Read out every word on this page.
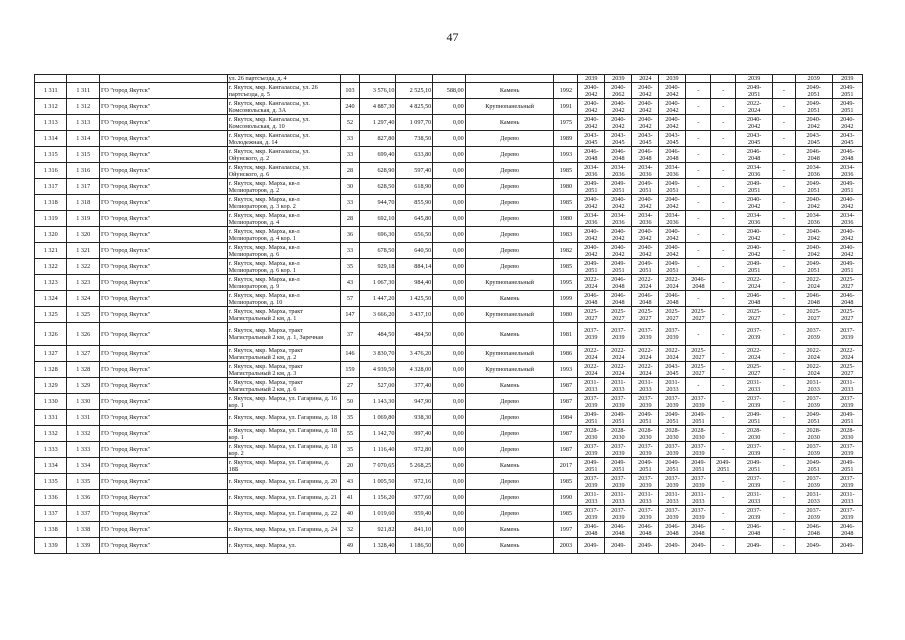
47
			ул. 26 партсъезда, д. 4							2039	2039	2024	2039			2039		2039	2039
1 311	1 311	ГО "город Якутск"	г. Якутск, мкр. Кангалассы, ул. 26 партсъезда, д. 5	103	3 576,10	2 525,10	588,00	Камень	1992	2040-
2042	2040-
2062	2040-
2042	2040-
2042	-	-	2049-
2051	-	2049-
2051	2049-
2051

1 312	1 312	ГО "город Якутск"	г. Якутск, мкр. Кангалассы, ул. Комсомольская, д. 3А	240	4 887,30	4 825,50	0,00	Крупнопанельный	1991	2040-
2042	2040-
2042	2040-
2042	2040-
2042	-	-	2022-
2024	-	2049-
2051	2049-
2051

1 313	1 313	ГО "город Якутск"	г. Якутск, мкр. Кангалассы, ул. Комсомольская, д. 10	52	1 297,40	1 097,70	0,00	Камень	1975	2040-
2042	2040-
2042	2040-
2042	2040-
2042	-	-	2040-
2042	-	2040-
2042	2040-
2042

1 314	1 314	ГО "город Якутск"	г. Якутск, мкр. Кангалассы, ул. Молодежная, д. 14	33	827,80	738,50	0,00	Дерево	1989	2043-
2045	2043-
2045	2043-
2045	2043-
2045	-	-	2043-
2045	-	2043-
2045	2043-
2045

1 315	1 315	ГО "город Якутск"	г. Якутск, мкр. Кангалассы, ул. Ойунского, д. 2	33	699,40	633,80	0,00	Дерево	1993	2046-
2048	2046-
2048	2046-
2048	2046-
2048	-	-	2046-
2048	-	2046-
2048	2046-
2048

1 316	1 316	ГО "город Якутск"	г. Якутск, мкр. Кангалассы, ул. Ойунского, д. 6	28	628,90	597,40	0,00	Дерево	1985	2034-
2036	2034-
2036	2034-
2036	2034-
2036	-	-	2034-
2036	-	2034-
2036	2034-
2036

1 317	1 317	ГО "город Якутск"	г. Якутск, мкр. Марха, кв-л Мелиораторов, д. 2	30	628,50	618,90	0,00	Дерево	1980	2049-
2051	2049-
2051	2049-
2051	2049-
2051	-	-	2049-
2051	-	2049-
2051	2049-
2051

1 318	1 318	ГО "город Якутск"	г. Якутск, мкр. Марха, кв-л Мелиораторов, д. 3 кор. 2	33	944,70	855,90	0,00	Дерево	1985	2040-
2042	2040-
2042	2040-
2042	2040-
2042	-	-	2040-
2042	-	2040-
2042	2040-
2042

1 319	1 319	ГО "город Якутск"	г. Якутск, мкр. Марха, кв-л Мелиораторов, д. 4	28	692,10	645,80	0,00	Дерево	1980	2034-
2036	2034-
2036	2034-
2036	2034-
2036	-	-	2034-
2036	-	2034-
2036	2034-
2036

1 320	1 320	ГО "город Якутск"	г. Якутск, мкр. Марха, кв-л Мелиораторов, д. 4 кор. 1	36	696,30	656,50	0,00	Дерево	1983	2040-
2042	2040-
2042	2040-
2042	2040-
2042	-	-	2040-
2042	-	2040-
2042	2040-
2042

1 321	1 321	ГО "город Якутск"	г. Якутск, мкр. Марха, кв-л Мелиораторов, д. 6	33	678,50	640,50	0,00	Дерево	1982	2040-
2042	2040-
2042	2040-
2042	2040-
2042	-	-	2040-
2042	-	2040-
2042	2040-
2042

1 322	1 322	ГО "город Якутск"	г. Якутск, мкр. Марха, кв-л Мелиораторов, д. 6 кор. 1	35	929,18	884,14	0,00	Дерево	1985	2049-
2051	2049-
2051	2049-
2051	2049-
2051	-	-	2049-
2051	-	2049-
2051	2049-
2051

1 323	1 323	ГО "город Якутск"	г. Якутск, мкр. Марха, кв-л Мелиораторов, д. 9	43	1 067,30	984,40	0,00	Крупнопанельный	1995	2022-
2024	2046-
2048	2022-
2024	2022-
2024	2046-
2048	-	2022-
2024	-	2022-
2024	2025-
2027

1 324	1 324	ГО "город Якутск"	г. Якутск, мкр. Марха, кв-л Мелиораторов, д. 10	57	1 447,20	1 425,50	0,00	Камень	1999	2046-
2048	2046-
2048	2046-
2048	2046-
2048	-	-	2046-
2048	-	2046-
2048	2046-
2048

1 325	1 325	ГО "город Якутск"	г. Якутск, мкр. Марха, тракт Магистральный 2 км, д. 1	147	3 666,20	3 437,10	0,00	Крупнопанельный	1980	2025-
2027	2025-
2027	2025-
2027	2025-
2027	2025-
2027	-	2025-
2027	-	2025-
2027	2025-
2027

1 326	1 326	ГО "город Якутск"	г. Якутск, мкр. Марха, тракт Магистральный 2 км, д. 1, Заречная	37	484,50	484,50	0,00	Камень	1981	2037-
2039	2037-
2039	2037-
2039	2037-
2039	-	-	2037-
2039	-	2037-
2039	2037-
2039

1 327	1 327	ГО "город Якутск"	г. Якутск, мкр. Марха, тракт Магистральный 2 км, д. 2	146	3 830,70	3 476,20	0,00	Крупнопанельный	1986	2022-
2024	2022-
2024	2022-
2024	2022-
2024	2025-
2027	-	2022-
2024	-	2022-
2024	2022-
2024

1 328	1 328	ГО "город Якутск"	г. Якутск, мкр. Марха, тракт Магистральный 2 км, д. 3	159	4 939,50	4 328,00	0,00	Крупнопанельный	1993	2022-
2024	2022-
2024	2022-
2024	2043-
2045	2025-
2027	-	2025-
2027	-	2022-
2024	2025-
2027

1 329	1 329	ГО "город Якутск"	г. Якутск, мкр. Марха, тракт Магистральный 2 км, д. 6	27	527,00	377,40	0,00	Камень	1987	2031-
2033	2031-
2033	2031-
2033	2031-
2033	-	-	2031-
2033	-	2031-
2033	2031-
2033

1 330	1 330	ГО "город Якутск"	г. Якутск, мкр. Марха, ул. Гагарина, д. 16 кор. 1	50	1 143,30	947,90	0,00	Дерево	1987	2037-
2039	2037-
2039	2037-
2039	2037-
2039	2037-
2039	-	2037-
2039	-	2037-
2039	2037-
2039

1 331	1 331	ГО "город Якутск"	г. Якутск, мкр. Марха, ул. Гагарина, д. 18	35	1 069,80	938,30	0,00	Дерево	1984	2049-
2051	2049-
2051	2049-
2051	2049-
2051	2049-
2051	-	2049-
2051	-	2049-
2051	2049-
2051

1 332	1 332	ГО "город Якутск"	г. Якутск, мкр. Марха, ул. Гагарина, д. 18 кор. 1	55	1 142,70	997,40	0,00	Дерево	1987	2028-
2030	2028-
2030	2028-
2030	2028-
2030	2028-
2030	-	2028-
2030	-	2028-
2030	2028-
2030

1 333	1 333	ГО "город Якутск"	г. Якутск, мкр. Марха, ул. Гагарина, д. 18 кор. 2	35	1 116,40	972,80	0,00	Дерево	1987	2037-
2039	2037-
2039	2037-
2039	2037-
2039	2037-
2039	-	2037-
2039	-	2037-
2039	2037-
2039

1 334	1 334	ГО "город Якутск"	г. Якутск, мкр. Марха, ул. Гагарина, д. 18Б	20	7 070,65	5 268,25	0,00	Камень	2017	2049-
2051	2049-
2051	2049-
2051	2049-
2051	2049-
2051	2049-
2051	2049-
2051	-	2049-
2051	2049-
2051

1 335	1 335	ГО "город Якутск"	г. Якутск, мкр. Марха, ул. Гагарина, д. 20	43	1 005,50	972,16	0,00	Дерево	1985	2037-
2039	2037-
2039	2037-
2039	2037-
2039	2037-
2039	-	2037-
2039	-	2037-
2039	2037-
2039

1 336	1 336	ГО "город Якутск"	г. Якутск, мкр. Марха, ул. Гагарина, д. 21	41	1 156,20	977,60	0,00	Дерево	1990	2031-
2033	2031-
2033	2031-
2033	2031-
2033	2031-
2033	-	2031-
2033	-	2031-
2033	2031-
2033

1 337	1 337	ГО "город Якутск"	г. Якутск, мкр. Марха, ул. Гагарина, д. 22	40	1 019,60	959,40	0,00	Дерево	1985	2037-
2039	2037-
2039	2037-
2039	2037-
2039	2037-
2039	-	2037-
2039	-	2037-
2039	2037-
2039

1 338	1 338	ГО "город Якутск"	г. Якутск, мкр. Марха, ул. Гагарина, д. 24	32	921,82	841,10	0,00	Камень	1997	2046-
2048	2046-
2048	2046-
2048	2046-
2048	2046-
2048	-	2046-
2048	-	2046-
2048	2046-
2048

1 339	1 339	ГО "город Якутск"	г. Якутск, мкр. Марха, ул.	49	1 328,40	1 186,50	0,00	Камень	2003	2049-	2049-	2049-	2049-	2049-	-	2049-	-	2049-	2049-
